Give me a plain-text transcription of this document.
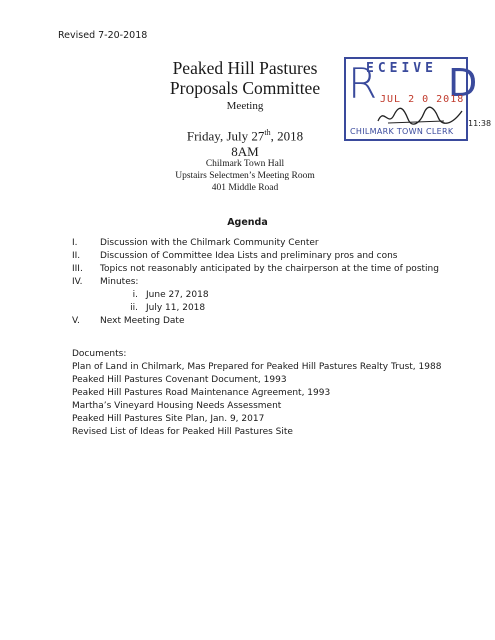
Revised 7-20-2018
Peaked Hill Pastures
Proposals Committee
Meeting
Friday, July 27th, 2018
8AM
Chilmark Town Hall
Upstairs Selectmen’s Meeting Room
401 Middle Road
R
ECEIVE D
JUL 2 0 2018
CHILMARK TOWN CLERK
11:38
Agenda
I. Discussion with the Chilmark Community Center
II. Discussion of Committee Idea Lists and preliminary pros and cons
III. Topics not reasonably anticipated by the chairperson at the time of posting
IV. Minutes:
i. June 27, 2018
ii. July 11, 2018
V. Next Meeting Date
Documents:
Plan of Land in Chilmark, Mas Prepared for Peaked Hill Pastures Realty Trust, 1988
Peaked Hill Pastures Covenant Document, 1993
Peaked Hill Pastures Road Maintenance Agreement, 1993
Martha’s Vineyard Housing Needs Assessment
Peaked Hill Pastures Site Plan, Jan. 9, 2017
Revised List of Ideas for Peaked Hill Pastures Site
